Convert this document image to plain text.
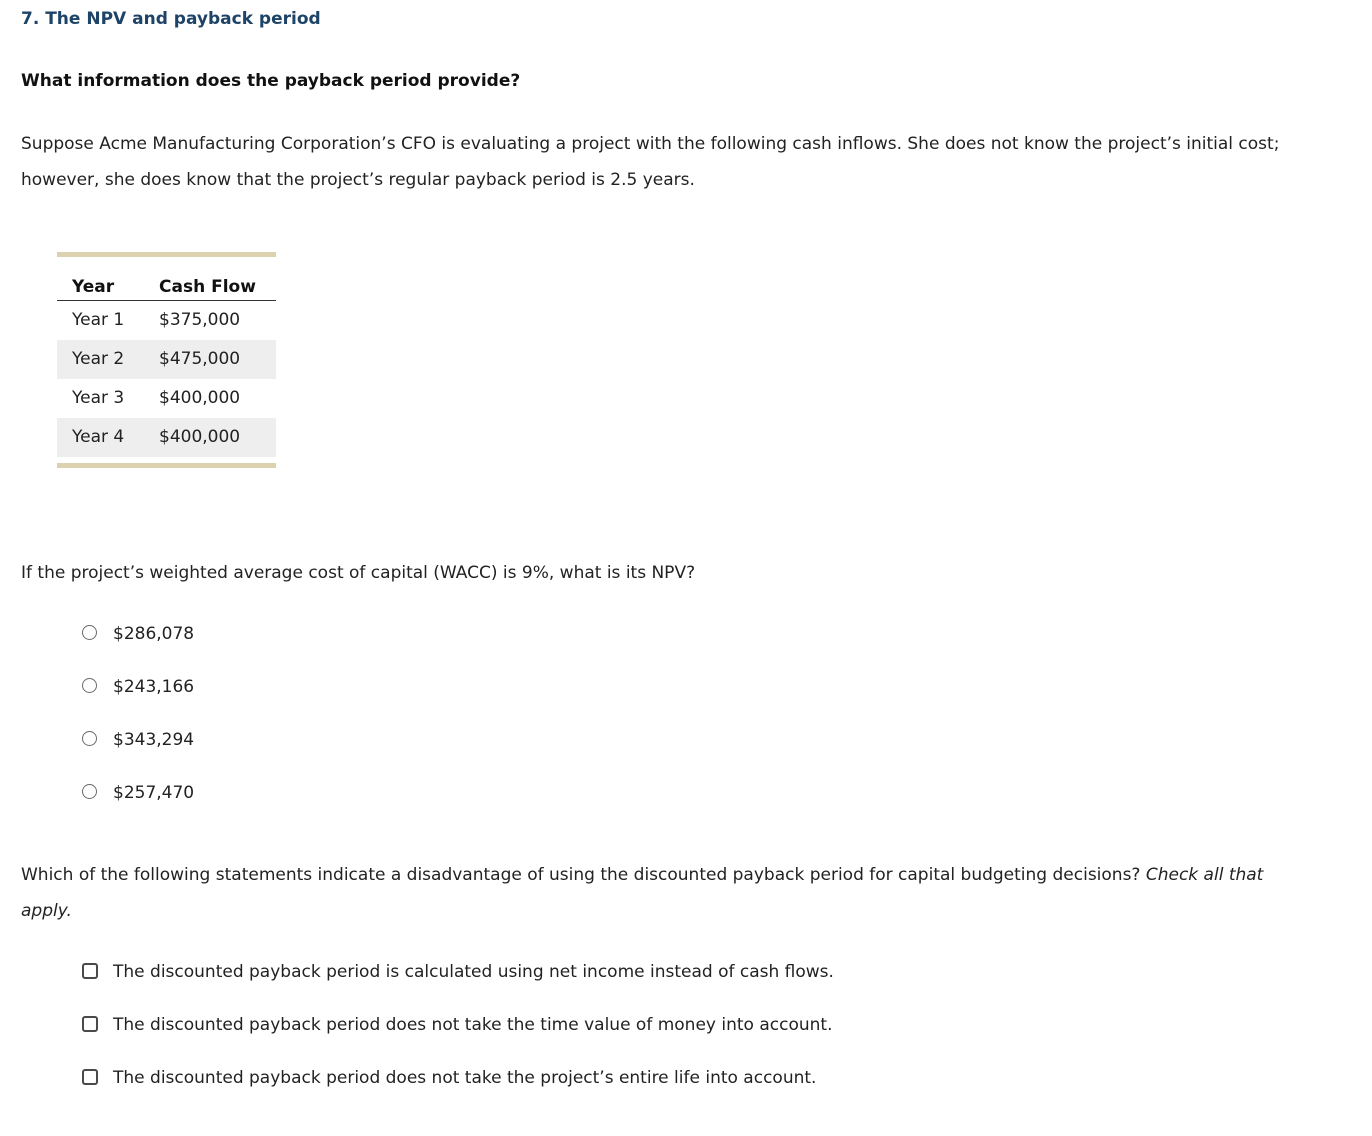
7. The NPV and payback period
What information does the payback period provide?
Suppose Acme Manufacturing Corporation’s CFO is evaluating a project with the following cash inflows. She does not know the project’s initial cost;
however, she does know that the project’s regular payback period is 2.5 years.
Year	Cash Flow
Year 1 $375,000
Year 2 $475,000
Year 3 $400,000
Year 4 $400,000
If the project’s weighted average cost of capital (WACC) is 9%, what is its NPV?
$286,078
$243,166
$343,294
$257,470
Which of the following statements indicate a disadvantage of using the discounted payback period for capital budgeting decisions? Check all that
apply.
The discounted payback period is calculated using net income instead of cash flows.
The discounted payback period does not take the time value of money into account.
The discounted payback period does not take the project’s entire life into account.
